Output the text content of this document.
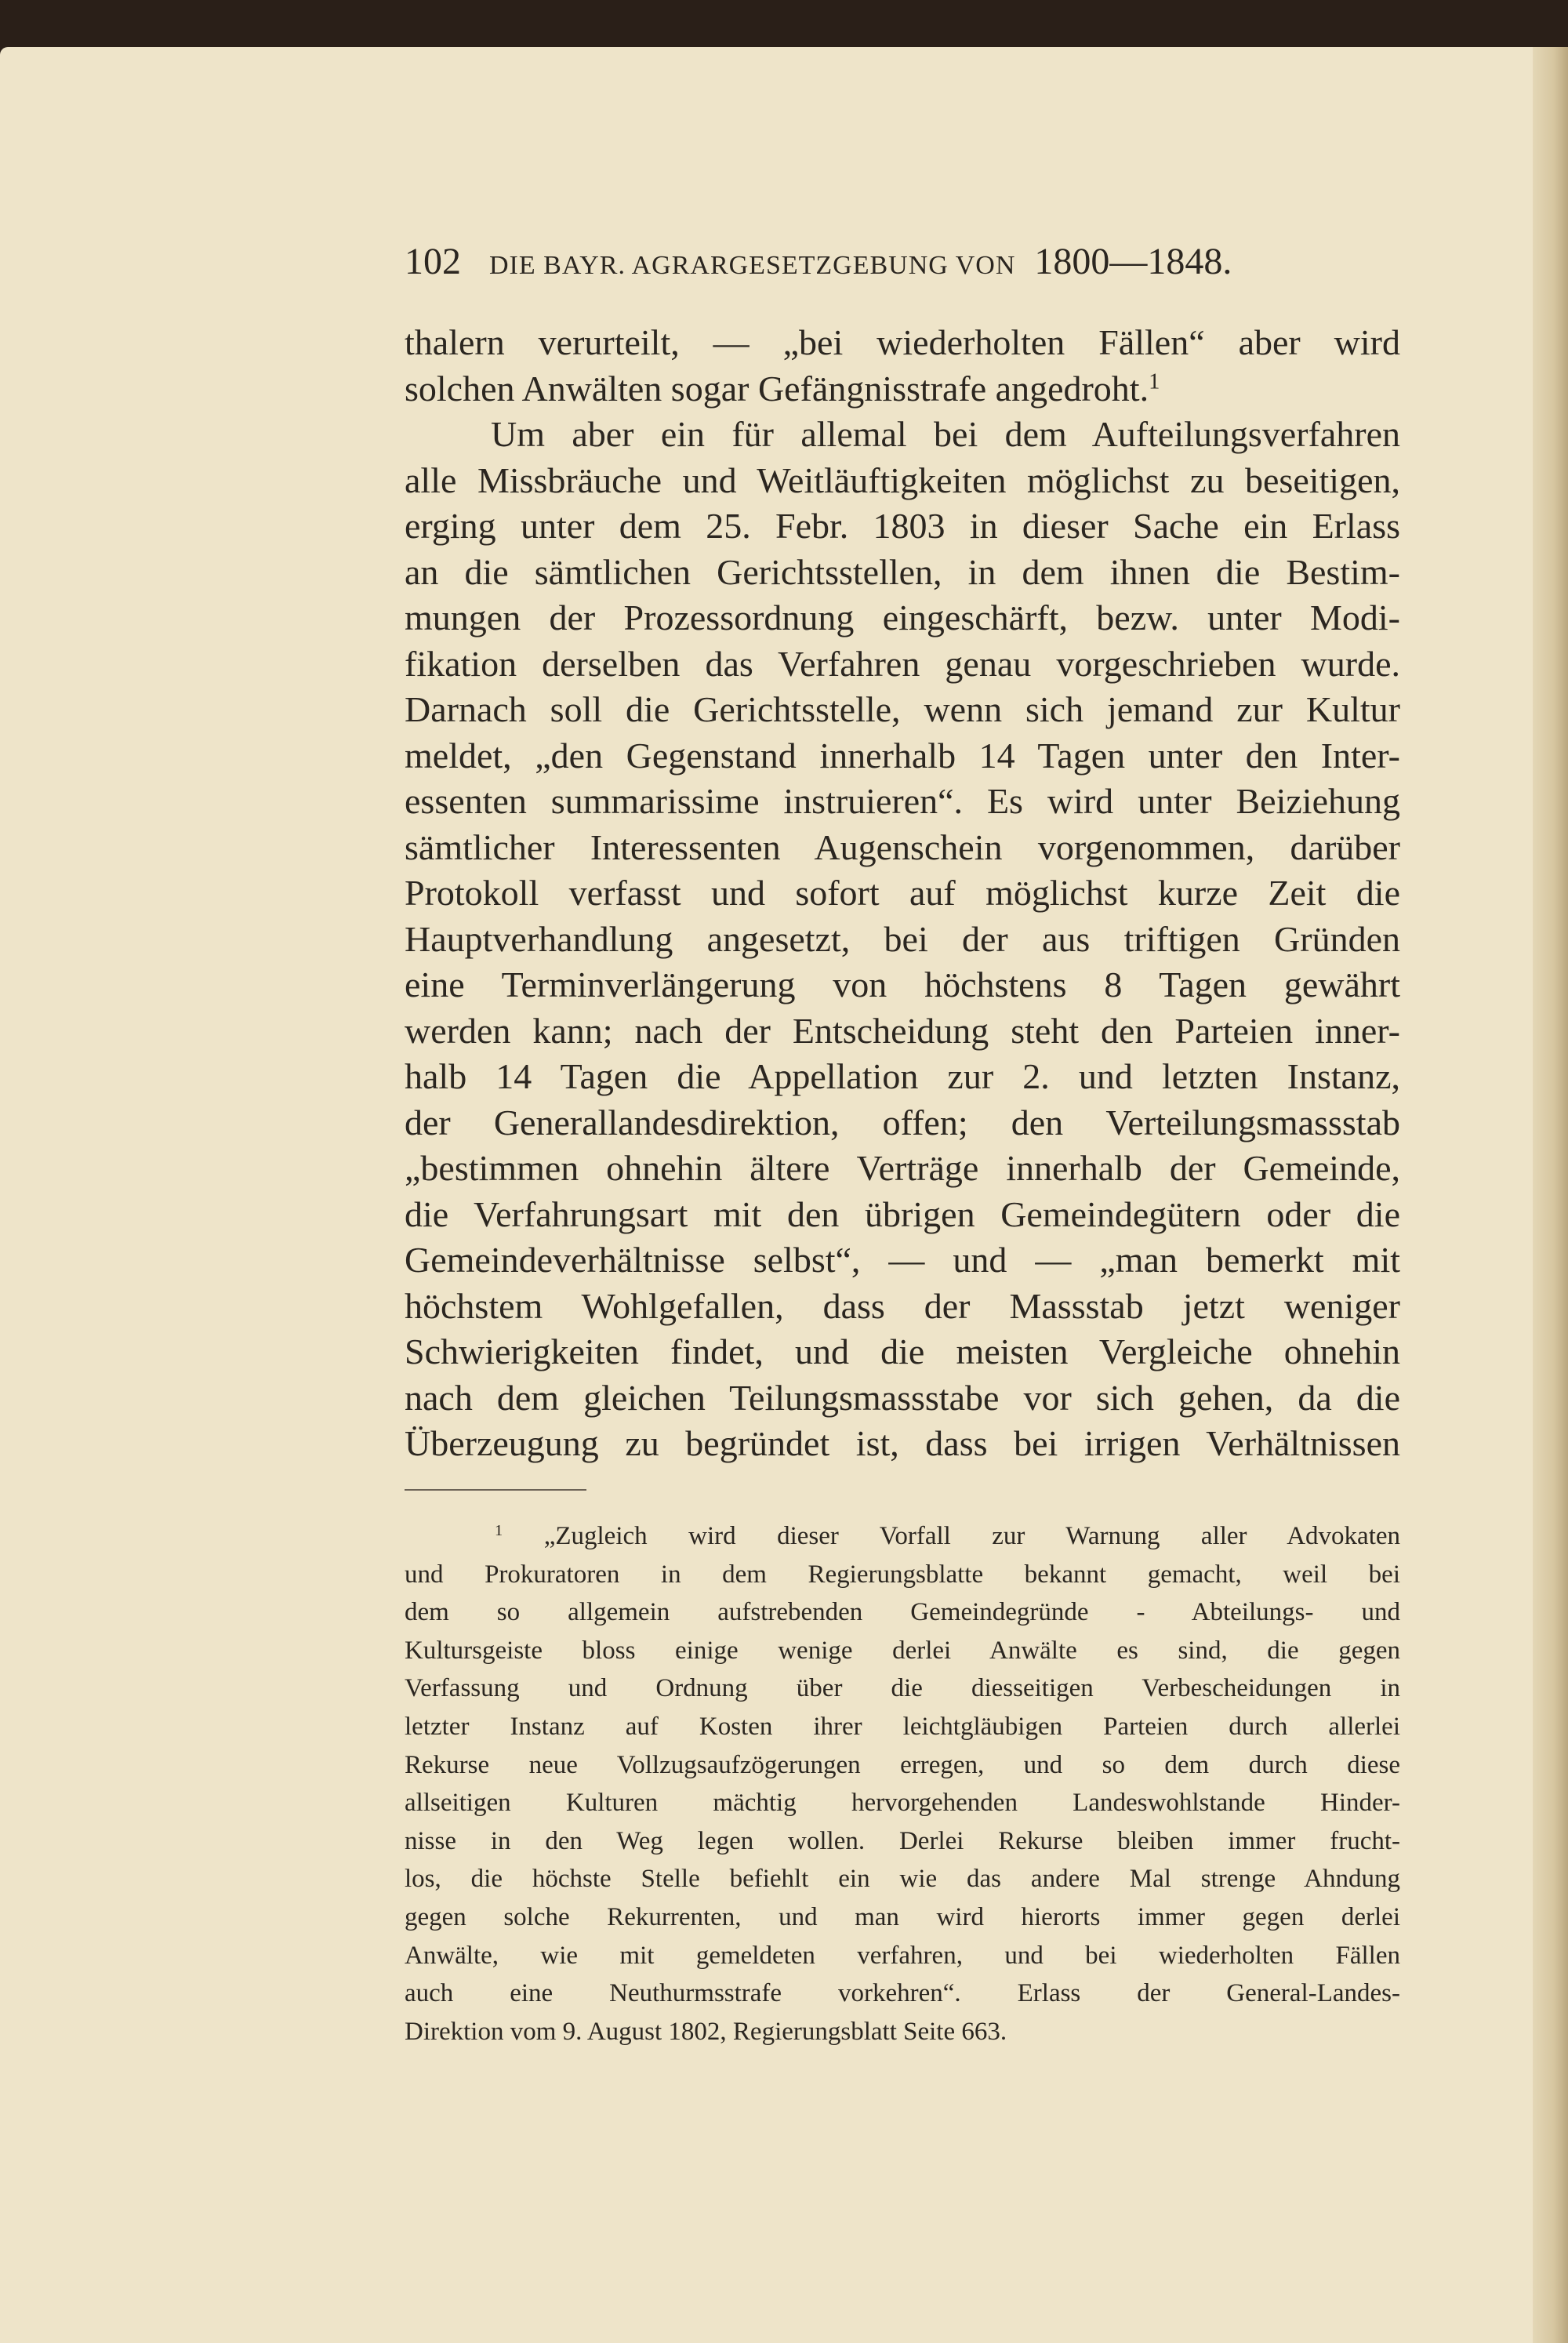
102 DIE BAYR. AGRARGESETZGEBUNG VON 1800—1848.

thalern verurteilt, — „bei wiederholten Fällen“ aber wird

solchen Anwälten sogar Gefängnisstrafe angedroht.$^1$

Um aber ein für allemal bei dem Aufteilungsverfahren

alle Missbräuche und Weitläuftigkeiten möglichst zu beseitigen,

erging unter dem 25. Febr. 1803 in dieser Sache ein Erlass

an die sämtlichen Gerichtsstellen, in dem ihnen die Bestim-

mungen der Prozessordnung eingeschärft, bezw. unter Modi-

fikation derselben das Verfahren genau vorgeschrieben wurde.

Darnach soll die Gerichtsstelle, wenn sich jemand zur Kultur

meldet, „den Gegenstand innerhalb 14 Tagen unter den Inter-

essenten summarissime instruieren“. Es wird unter Beiziehung

sämtlicher Interessenten Augenschein vorgenommen, darüber

Protokoll verfasst und sofort auf möglichst kurze Zeit die

Hauptverhandlung angesetzt, bei der aus triftigen Gründen

eine Terminverlängerung von höchstens 8 Tagen gewährt

werden kann; nach der Entscheidung steht den Parteien inner-

halb 14 Tagen die Appellation zur 2. und letzten Instanz,

der Generallandesdirektion, offen; den Verteilungsmassstab

„bestimmen ohnehin ältere Verträge innerhalb der Gemeinde,

die Verfahrungsart mit den übrigen Gemeindegütern oder die

Gemeindeverhältnisse selbst“, — und — „man bemerkt mit

höchstem Wohlgefallen, dass der Massstab jetzt weniger

Schwierigkeiten findet, und die meisten Vergleiche ohnehin

nach dem gleichen Teilungsmassstabe vor sich gehen, da die

Überzeugung zu begründet ist, dass bei irrigen Verhältnissen

$^1$ „Zugleich wird dieser Vorfall zur Warnung aller Advokaten

und Prokuratoren in dem Regierungsblatte bekannt gemacht, weil bei

dem so allgemein aufstrebenden Gemeindegründe - Abteilungs- und

Kultursgeiste bloss einige wenige derlei Anwälte es sind, die gegen

Verfassung und Ordnung über die diesseitigen Verbescheidungen in

letzter Instanz auf Kosten ihrer leichtgläubigen Parteien durch allerlei

Rekurse neue Vollzugsaufzögerungen erregen, und so dem durch diese

allseitigen Kulturen mächtig hervorgehenden Landeswohlstande Hinder-

nisse in den Weg legen wollen. Derlei Rekurse bleiben immer frucht-

los, die höchste Stelle befiehlt ein wie das andere Mal strenge Ahndung

gegen solche Rekurrenten, und man wird hierorts immer gegen derlei

Anwälte, wie mit gemeldeten verfahren, und bei wiederholten Fällen

auch eine Neuthurmsstrafe vorkehren“. Erlass der General-Landes-

Direktion vom 9. August 1802, Regierungsblatt Seite 663.
